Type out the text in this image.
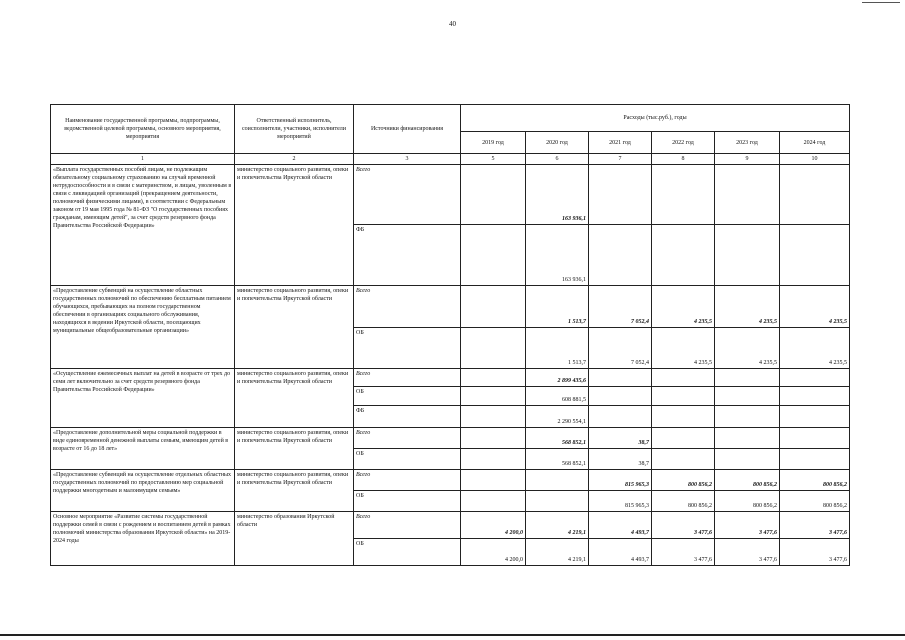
40
Наименование государственной программы, подпрограммы, ведомственной целевой программы, основного мероприятия, мероприятия	Ответственный исполнитель, соисполнители, участники, исполнители мероприятий	Источники финансирования	Расходы (тыс.руб.), годы					
			2019 год	2020 год	2021 год	2022 год	2023 год	2024 год
1	2	3	5	6	7	8	9	10
«Выплата государственных пособий лицам, не подлежащим обязательному социальному страхованию на случай временной нетрудоспособности и в связи с материнством, и лицам, уволенным в связи с ликвидацией организаций (прекращением деятельности, полномочий физическими лицами), в соответствии с Федеральным законом от 19 мая 1995 года № 81-ФЗ "О государственных пособиях гражданам, имеющим детей", за счет средств резервного фонда Правительства Российской Федерации»	министерство социального развития, опеки и попечительства Иркутской области	Всего		163 936,1				
		ФБ		163 936,1				
«Предоставление субвенций на осуществление областных государственных полномочий по обеспечению бесплатным питанием обучающихся, пребывающих на полном государственном обеспечении в организациях социального обслуживания, находящихся в ведении Иркутской области, посещающих муниципальные общеобразовательные организации»	министерство социального развития, опеки и попечительства Иркутской области	Всего		1 513,7	7 052,4	4 235,5	4 235,5	4 235,5
		ОБ		1 513,7	7 052,4	4 235,5	4 235,5	4 235,5
«Осуществление ежемесячных выплат на детей в возрасте от трех до семи лет включительно за счет средств резервного фонда Правительства Российской Федерации»	министерство социального развития, опеки и попечительства Иркутской области	Всего		2 899 435,6				
		ОБ		608 881,5				
		ФБ		2 290 554,1				
«Предоставление дополнительной меры социальной поддержки в виде единовременной денежной выплаты семьям, имеющим детей в возрасте от 16 до 18 лет»	министерство социального развития, опеки и попечительства Иркутской области	Всего		568 852,1	38,7			
		ОБ		568 852,1	38,7			
«Предоставление субвенций на осуществление отдельных областных государственных полномочий по предоставлению мер социальной поддержки многодетным и малоимущим семьям»	министерство социального развития, опеки и попечительства Иркутской области	Всего			815 965,3	800 856,2	800 856,2	800 856,2
		ОБ			815 965,3	800 856,2	800 856,2	800 856,2
Основное мероприятие «Развитие системы государственной поддержки семей в связи с рождением и воспитанием детей в рамках полномочий министерства образования Иркутской области» на 2019-2024 годы	министерство образования Иркутской области	Всего	4 200,0	4 219,1	4 493,7	3 477,6	3 477,6	3 477,6
		ОБ	4 200,0	4 219,1	4 493,7	3 477,6	3 477,6	3 477,6
